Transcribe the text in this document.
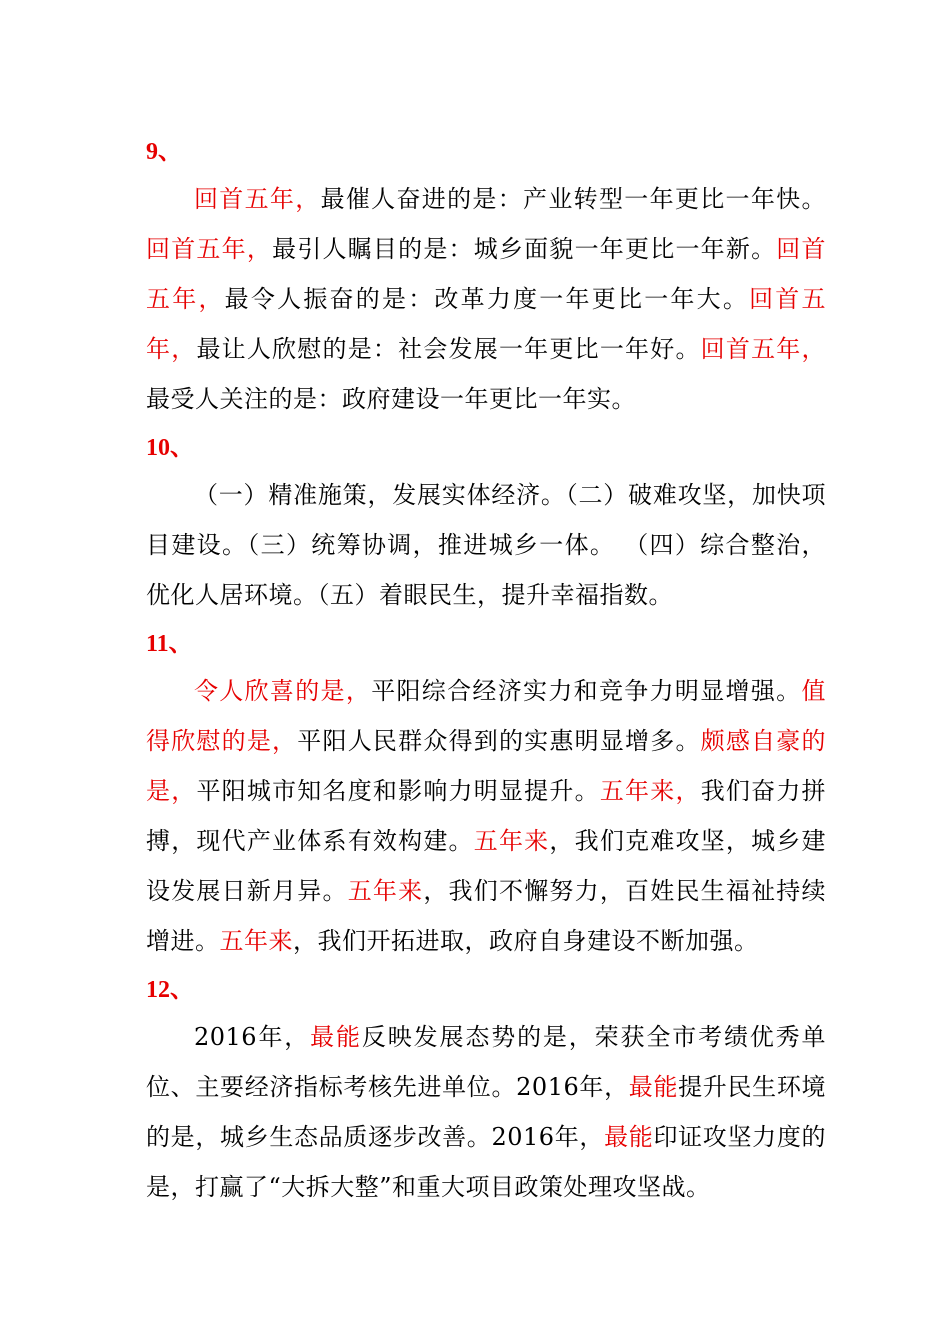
9、

回首五年，最催人奋进的是：产业转型一年更比一年快。回首五年，最引人瞩目的是：城乡面貌一年更比一年新。回首五年，最令人振奋的是：改革力度一年更比一年大。回首五年，最让人欣慰的是：社会发展一年更比一年好。回首五年，最受人关注的是：政府建设一年更比一年实。

10、

（一）精准施策，发展实体经济。（二）破难攻坚，加快项目建设。（三）统筹协调，推进城乡一体。 （四）综合整治，优化人居环境。（五）着眼民生，提升幸福指数。

11、

令人欣喜的是，平阳综合经济实力和竞争力明显增强。值得欣慰的是，平阳人民群众得到的实惠明显增多。颇感自豪的是，平阳城市知名度和影响力明显提升。五年来，我们奋力拼搏，现代产业体系有效构建。五年来，我们克难攻坚，城乡建设发展日新月异。五年来，我们不懈努力，百姓民生福祉持续增进。五年来，我们开拓进取，政府自身建设不断加强。

12、

2016年，最能反映发展态势的是，荣获全市考绩优秀单位、主要经济指标考核先进单位。2016年，最能提升民生环境的是，城乡生态品质逐步改善。2016年，最能印证攻坚力度的是，打赢了“大拆大整”和重大项目政策处理攻坚战。
